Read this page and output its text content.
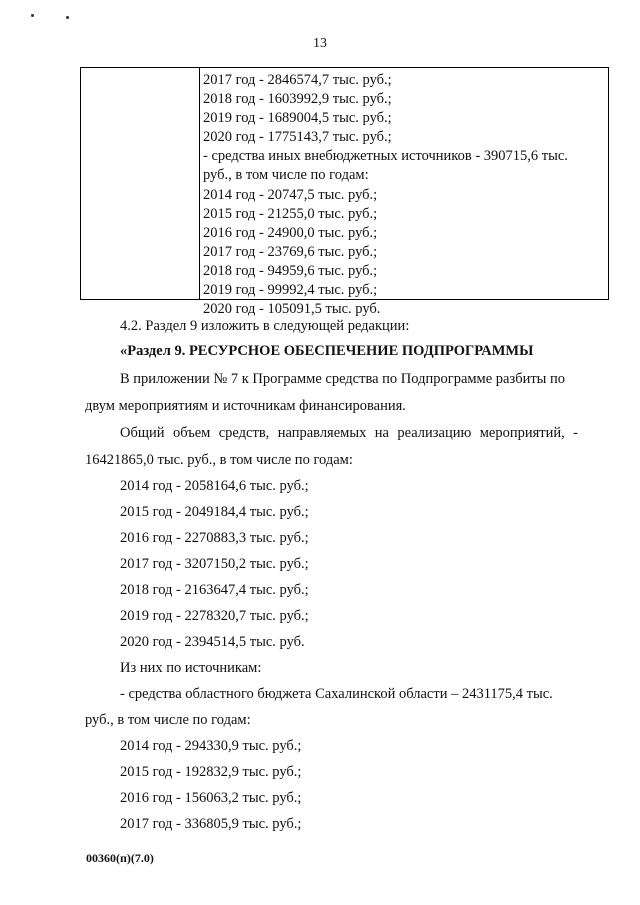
13
2017 год - 2846574,7 тыс. руб.;
2018 год - 1603992,9 тыс. руб.;
2019 год - 1689004,5 тыс. руб.;
2020 год - 1775143,7 тыс. руб.;
- средства иных внебюджетных источников - 390715,6 тыс.
руб., в том числе по годам:
2014 год - 20747,5 тыс. руб.;
2015 год - 21255,0 тыс. руб.;
2016 год - 24900,0 тыс. руб.;
2017 год - 23769,6 тыс. руб.;
2018 год - 94959,6 тыс. руб.;
2019 год - 99992,4 тыс. руб.;
2020 год - 105091,5 тыс. руб.
4.2. Раздел 9 изложить в следующей редакции:
«Раздел 9. РЕСУРСНОЕ ОБЕСПЕЧЕНИЕ ПОДПРОГРАММЫ
В приложении № 7 к Программе средства по Подпрограмме разбиты по
двум мероприятиям и источникам финансирования.
Общий объем средств, направляемых на реализацию мероприятий, -
16421865,0 тыс. руб., в том числе по годам:
2014 год - 2058164,6 тыс. руб.;
2015 год - 2049184,4 тыс. руб.;
2016 год - 2270883,3 тыс. руб.;
2017 год - 3207150,2 тыс. руб.;
2018 год - 2163647,4 тыс. руб.;
2019 год - 2278320,7 тыс. руб.;
2020 год - 2394514,5 тыс. руб.
Из них по источникам:
- средства областного бюджета Сахалинской области – 2431175,4 тыс.
руб., в том числе по годам:
2014 год - 294330,9 тыс. руб.;
2015 год - 192832,9 тыс. руб.;
2016 год - 156063,2 тыс. руб.;
2017 год - 336805,9 тыс. руб.;
00360(п)(7.0)
